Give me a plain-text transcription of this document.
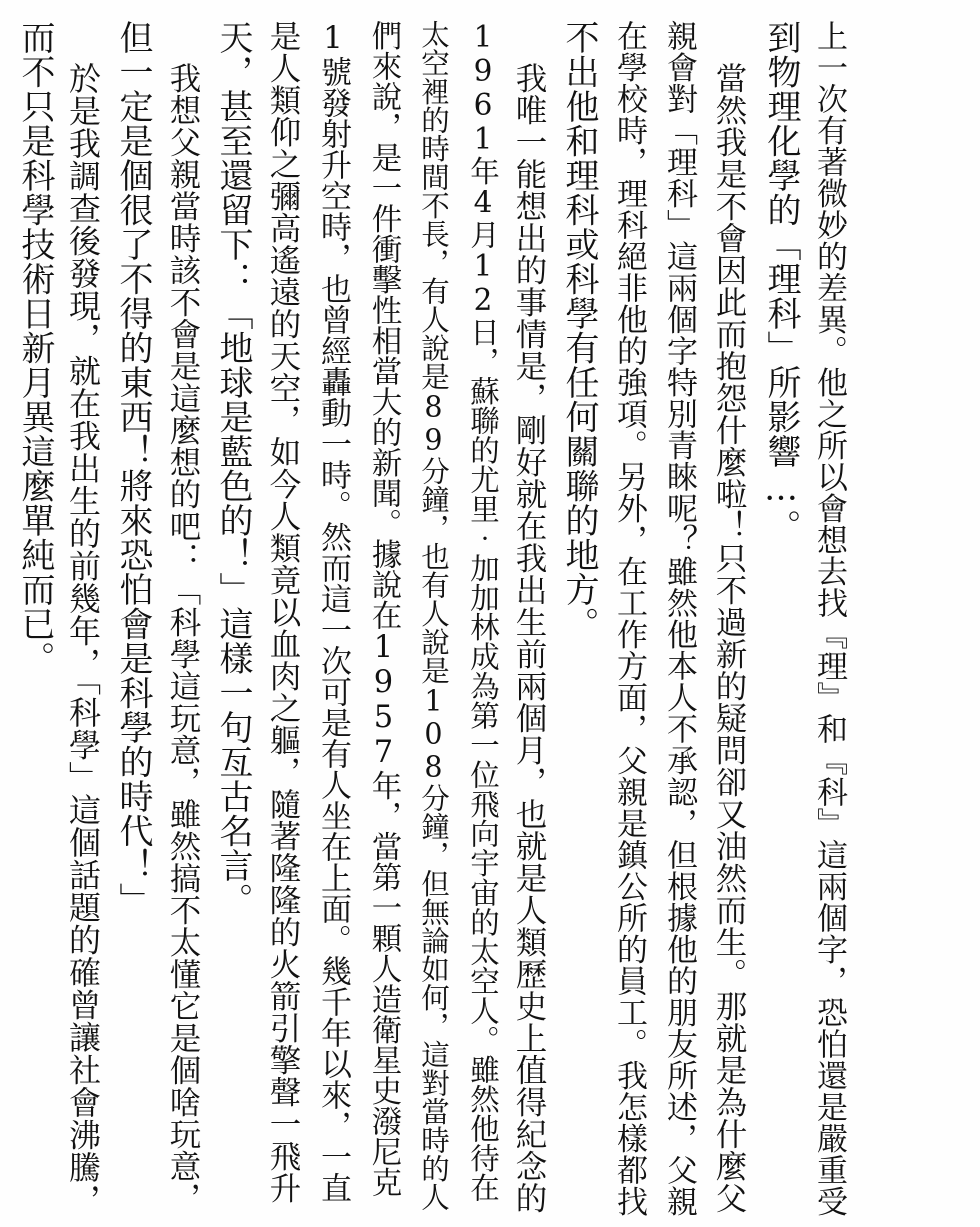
上一次有著微妙的差異。他之所以會想去找『理』和『科』這兩個字，恐怕還是嚴重受
到物理化學的「理科」所影響…。
當然我是不會因此而抱怨什麼啦！只不過新的疑問卻又油然而生。那就是為什麼父
親會對「理科」這兩個字特別青睞呢？雖然他本人不承認，但根據他的朋友所述，父親
在學校時，理科絕非他的強項。另外，在工作方面，父親是鎮公所的員工。我怎樣都找
不出他和理科或科學有任何關聯的地方。
我唯一能想出的事情是，剛好就在我出生前兩個月，也就是人類歷史上值得紀念的
1961年4月12日，蘇聯的尤里‧加加林成為第一位飛向宇宙的太空人。雖然他待在
太空裡的時間不長，有人說是89分鐘，也有人說是108分鐘，但無論如何，這對當時的人
們來說，是一件衝擊性相當大的新聞。據說在1957年，當第一顆人造衛星史潑尼克
1號發射升空時，也曾經轟動一時。然而這一次可是有人坐在上面。幾千年以來，一直
是人類仰之彌高遙遠的天空，如今人類竟以血肉之軀，隨著隆隆的火箭引擎聲一飛升
天，甚至還留下：「地球是藍色的！」這樣一句亙古名言。
我想父親當時該不會是這麼想的吧：「科學這玩意，雖然搞不太懂它是個啥玩意，
但一定是個很了不得的東西！將來恐怕會是科學的時代！」
於是我調查後發現，就在我出生的前幾年，「科學」這個話題的確曾讓社會沸騰，
而不只是科學技術日新月異這麼單純而已。
